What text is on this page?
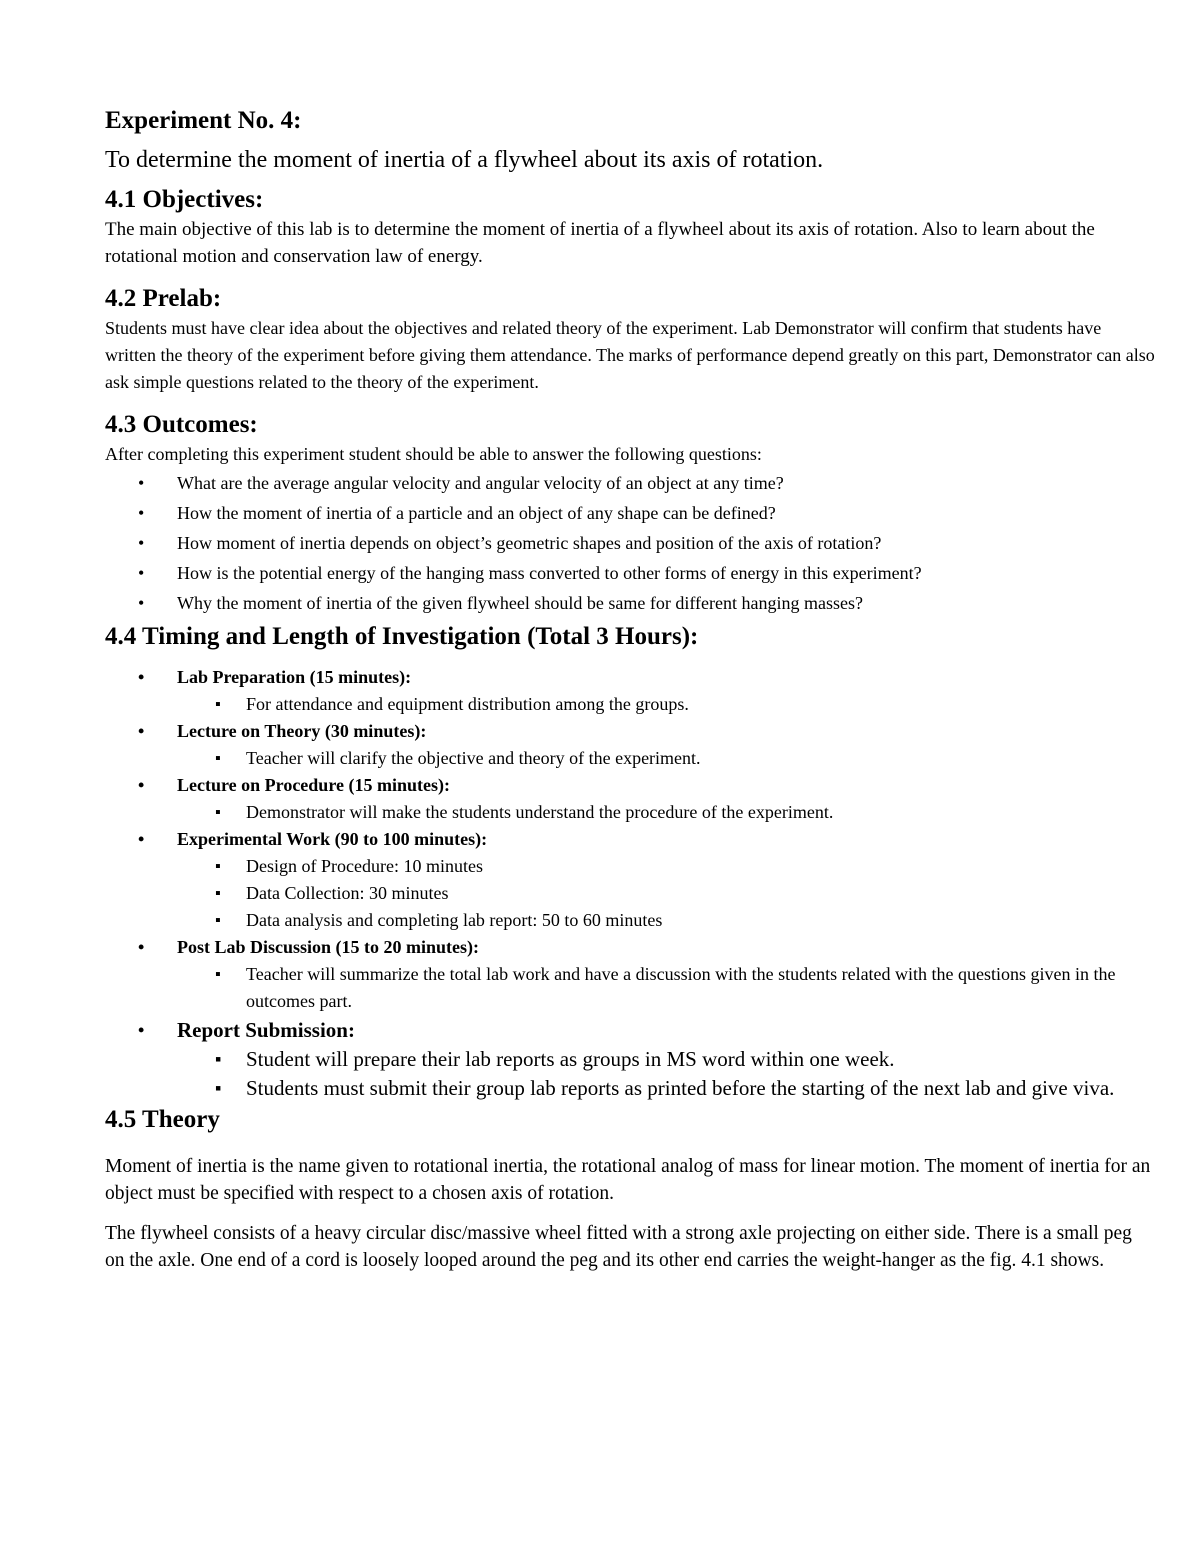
Experiment No. 4:

To determine the moment of inertia of a flywheel about its axis of rotation.

4.1 Objectives:

The main objective of this lab is to determine the moment of inertia of a flywheel about its axis of rotation. Also to learn about the rotational motion and conservation law of energy.

4.2 Prelab:

Students must have clear idea about the objectives and related theory of the experiment. Lab Demonstrator will confirm that students have written the theory of the experiment before giving them attendance. The marks of performance depend greatly on this part, Demonstrator can also ask simple questions related to the theory of the experiment.

4.3 Outcomes:

After completing this experiment student should be able to answer the following questions:

• What are the average angular velocity and angular velocity of an object at any time?
• How the moment of inertia of a particle and an object of any shape can be defined?
• How moment of inertia depends on object’s geometric shapes and position of the axis of rotation?
• How is the potential energy of the hanging mass converted to other forms of energy in this experiment?
• Why the moment of inertia of the given flywheel should be same for different hanging masses?
4.4 Timing and Length of Investigation (Total 3 Hours):
• Lab Preparation (15 minutes):
▪ For attendance and equipment distribution among the groups.
• Lecture on Theory (30 minutes):
▪ Teacher will clarify the objective and theory of the experiment.
• Lecture on Procedure (15 minutes):
▪ Demonstrator will make the students understand the procedure of the experiment.
• Experimental Work (90 to 100 minutes):
▪ Design of Procedure: 10 minutes
▪ Data Collection: 30 minutes
▪ Data analysis and completing lab report: 50 to 60 minutes
• Post Lab Discussion (15 to 20 minutes):
▪ Teacher will summarize the total lab work and have a discussion with the students related with the questions given in the outcomes part.
• Report Submission:
▪ Student will prepare their lab reports as groups in MS word within one week.
▪ Students must submit their group lab reports as printed before the starting of the next lab and give viva.
4.5 Theory

Moment of inertia is the name given to rotational inertia, the rotational analog of mass for linear motion. The moment of inertia for an object must be specified with respect to a chosen axis of rotation.

The flywheel consists of a heavy circular disc/massive wheel fitted with a strong axle projecting on either side. There is a small peg on the axle. One end of a cord is loosely looped around the peg and its other end carries the weight-hanger as the fig. 4.1 shows.
